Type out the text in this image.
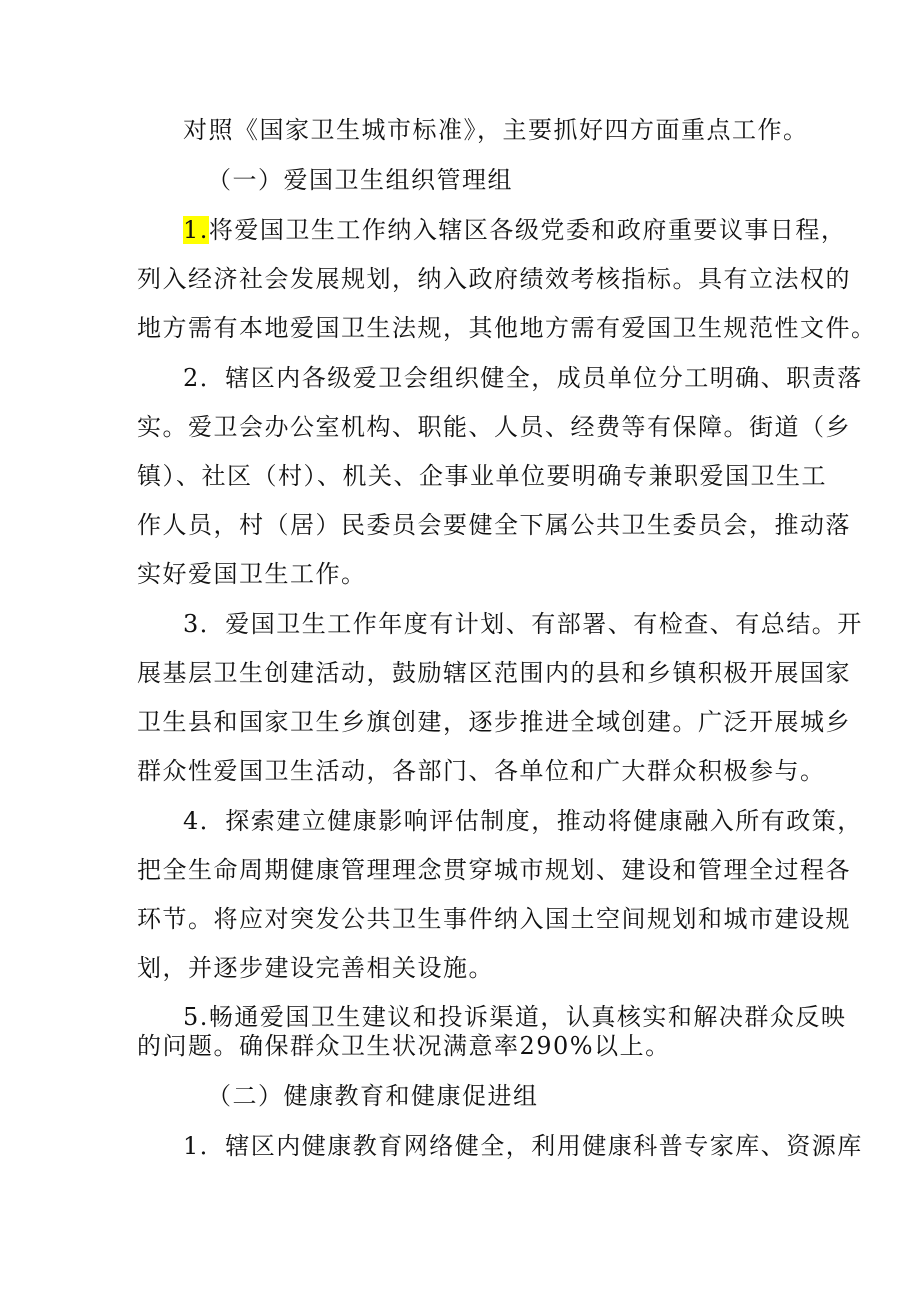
对照《国家卫生城市标准》，主要抓好四方面重点工作。
（一）爱国卫生组织管理组
1.将爱国卫生工作纳入辖区各级党委和政府重要议事日程，
列入经济社会发展规划，纳入政府绩效考核指标。具有立法权的
地方需有本地爱国卫生法规，其他地方需有爱国卫生规范性文件。
2．辖区内各级爱卫会组织健全，成员单位分工明确、职责落
实。爱卫会办公室机构、职能、人员、经费等有保障。街道（乡
镇）、社区（村）、机关、企事业单位要明确专兼职爱国卫生工
作人员，村（居）民委员会要健全下属公共卫生委员会，推动落
实好爱国卫生工作。
3．爱国卫生工作年度有计划、有部署、有检查、有总结。开
展基层卫生创建活动，鼓励辖区范围内的县和乡镇积极开展国家
卫生县和国家卫生乡旗创建，逐步推进全域创建。广泛开展城乡
群众性爱国卫生活动，各部门、各单位和广大群众积极参与。
4．探索建立健康影响评估制度，推动将健康融入所有政策，
把全生命周期健康管理理念贯穿城市规划、建设和管理全过程各
环节。将应对突发公共卫生事件纳入国土空间规划和城市建设规
划，并逐步建设完善相关设施。
5.畅通爱国卫生建议和投诉渠道，认真核实和解决群众反映
的问题。确保群众卫生状况满意率290%以上。
（二）健康教育和健康促进组
1．辖区内健康教育网络健全，利用健康科普专家库、资源库
